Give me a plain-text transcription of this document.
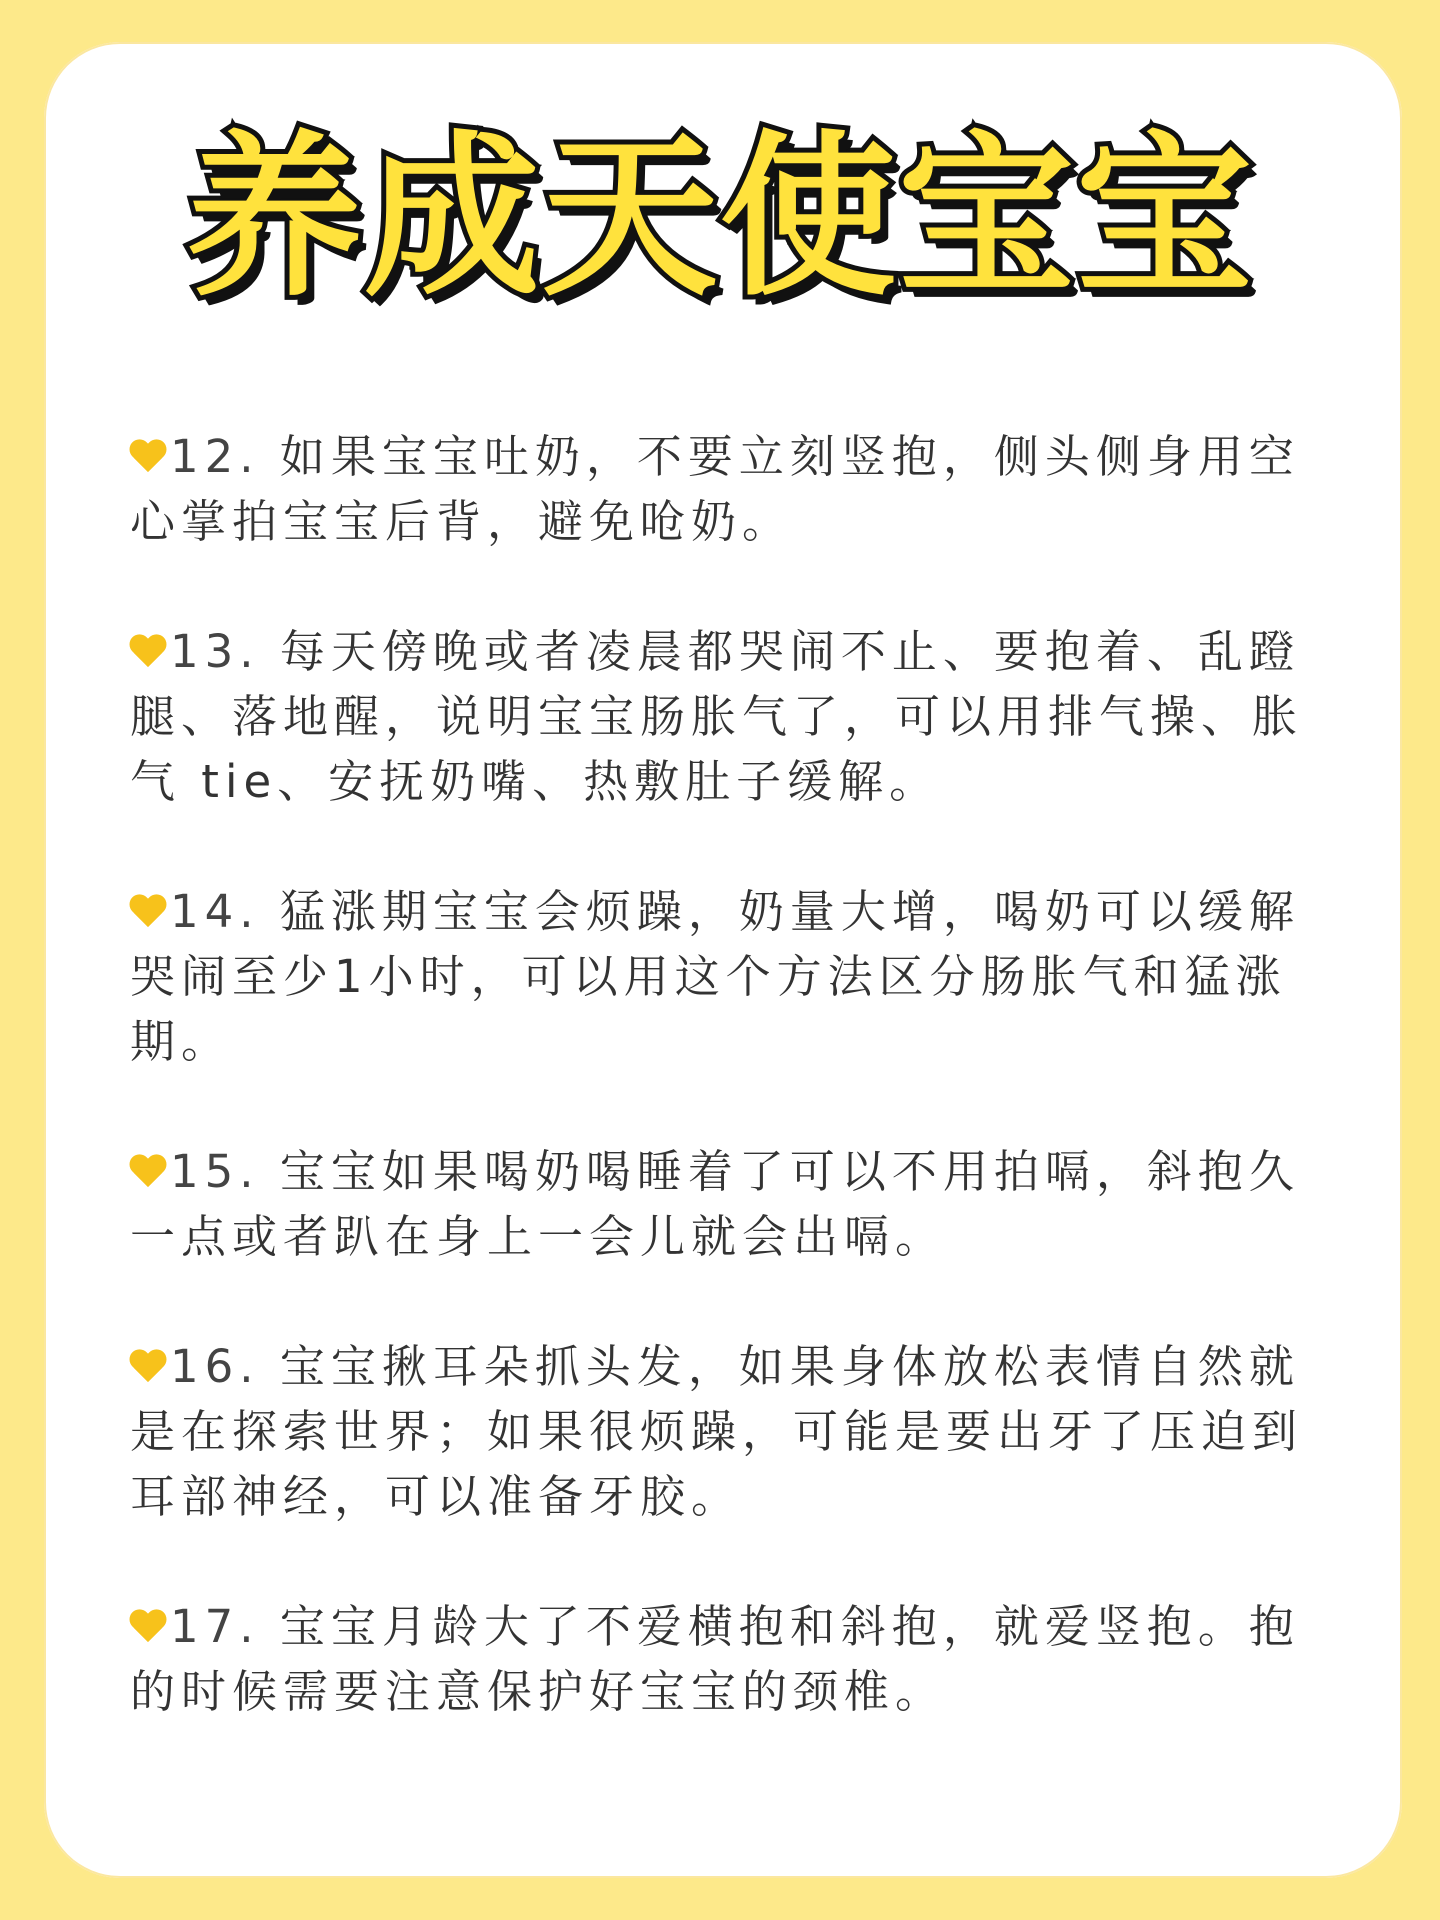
养成天使宝宝
12. 如果宝宝吐奶，不要立刻竖抱，侧头侧身用空心掌拍宝宝后背，避免呛奶。
13. 每天傍晚或者凌晨都哭闹不止、要抱着、乱蹬腿、落地醒，说明宝宝肠胀气了，可以用排气操、胀气 tie、安抚奶嘴、热敷肚子缓解。
14. 猛涨期宝宝会烦躁，奶量大增，喝奶可以缓解哭闹至少1小时，可以用这个方法区分肠胀气和猛涨期。
15. 宝宝如果喝奶喝睡着了可以不用拍嗝，斜抱久一点或者趴在身上一会儿就会出嗝。
16. 宝宝揪耳朵抓头发，如果身体放松表情自然就是在探索世界；如果很烦躁，可能是要出牙了压迫到耳部神经，可以准备牙胶。
17. 宝宝月龄大了不爱横抱和斜抱，就爱竖抱。抱的时候需要注意保护好宝宝的颈椎。
